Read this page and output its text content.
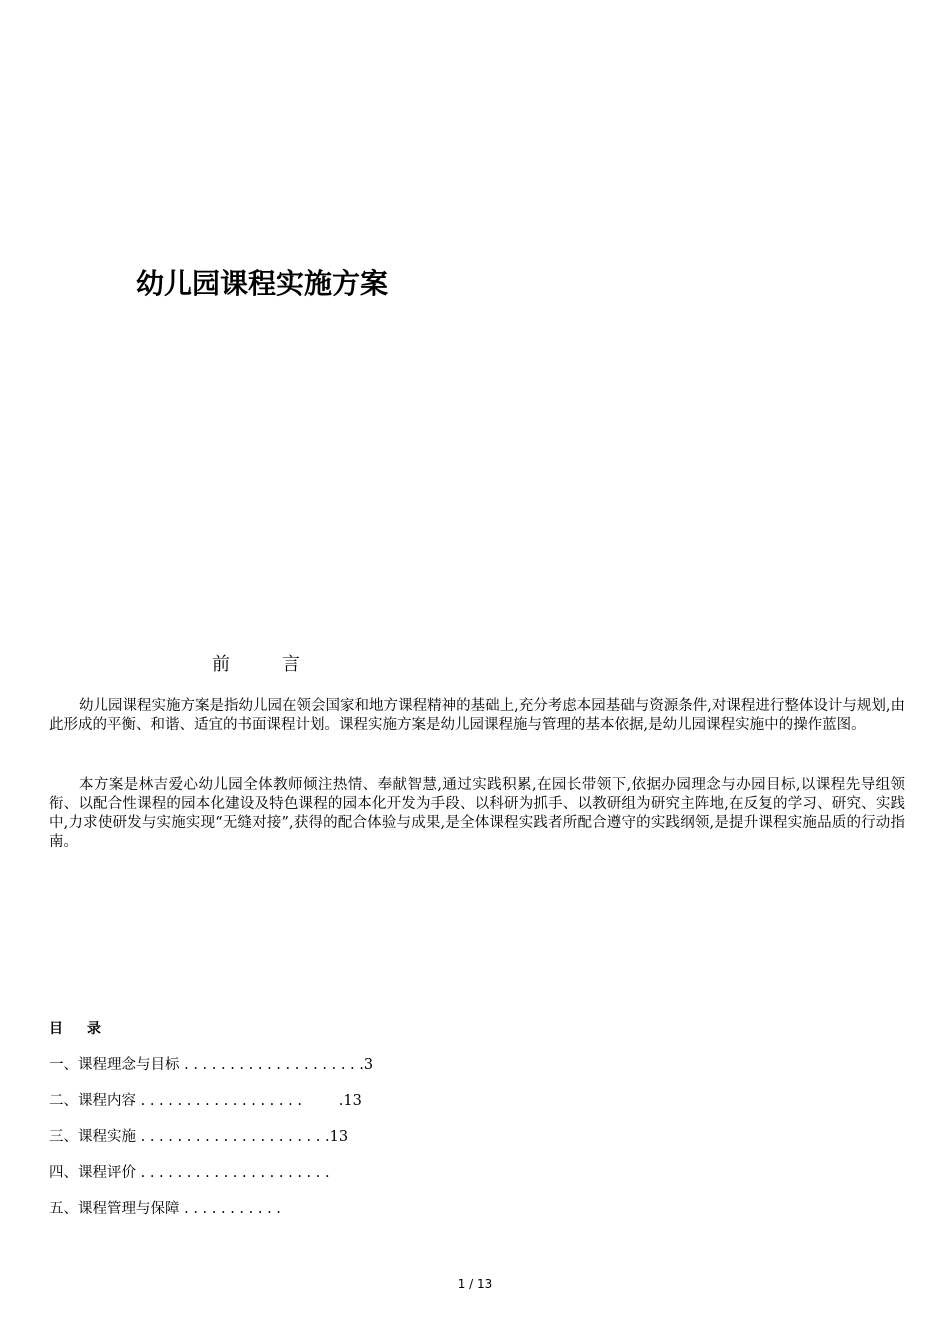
幼儿园课程实施方案
前	言
幼儿园课程实施方案是指幼儿园在领会国家和地方课程精神的基础上,充分考虑本园基础与资源条件,对课程进行整体设计与规划,由此形成的平衡、和谐、适宜的书面课程计划。课程实施方案是幼儿园课程施与管理的基本依据,是幼儿园课程实施中的操作蓝图。
本方案是林吉爱心幼儿园全体教师倾注热情、奉献智慧,通过实践积累,在园长带领下,依据办园理念与办园目标,以课程先导组领衔、以配合性课程的园本化建设及特色课程的园本化开发为手段、以科研为抓手、以教研组为研究主阵地,在反复的学习、研究、实践中,力求使研发与实施实现“无缝对接”,获得的配合体验与成果,是全体课程实践者所配合遵守的实践纲领,是提升课程实施品质的行动指南。
目 录
一、课程理念与目标 . . . . . . . . . . . . . . . . . . . .3
二、课程内容 . . . . . . . . . . . . . . . . . .        .13
三、课程实施 . . . . . . . . . . . . . . . . . . . . .13
四、课程评价 . . . . . . . . . . . . . . . . . . . . .
五、课程管理与保障 . . . . . . . . . . .
1 / 13
